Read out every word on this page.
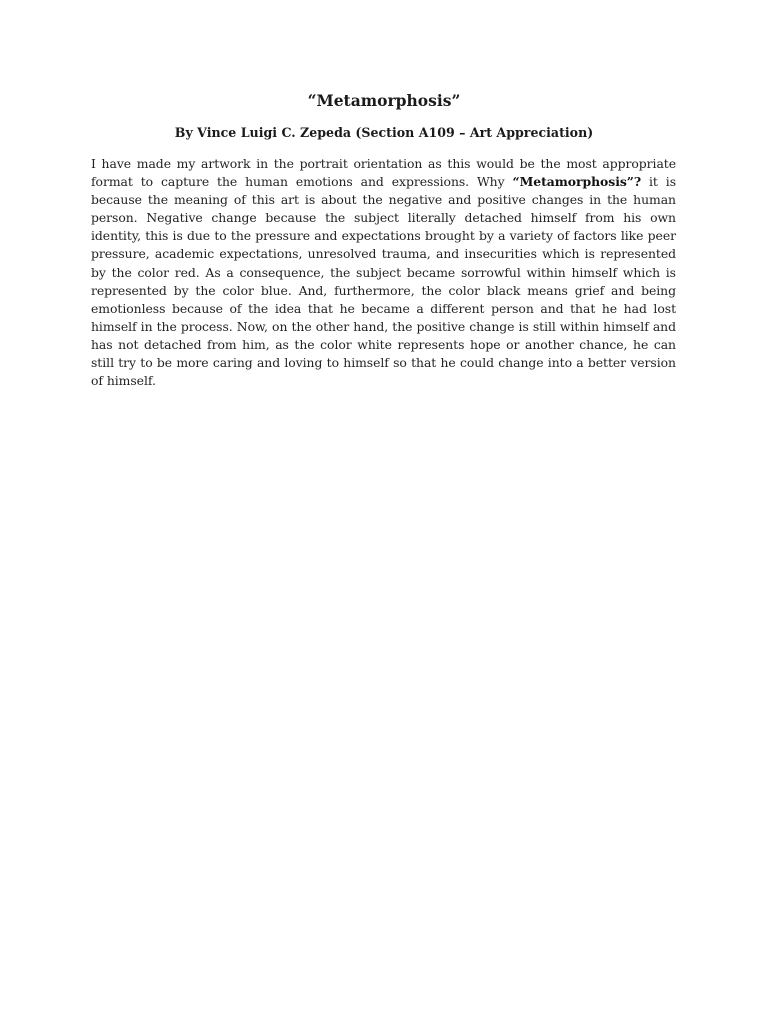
“Metamorphosis”
By Vince Luigi C. Zepeda (Section A109 – Art Appreciation)

I have made my artwork in the portrait orientation as this would be the most appropriate format to capture the human emotions and expressions. Why “Metamorphosis”? it is because the meaning of this art is about the negative and positive changes in the human person. Negative change because the subject literally detached himself from his own identity, this is due to the pressure and expectations brought by a variety of factors like peer pressure, academic expectations, unresolved trauma, and insecurities which is represented by the color red. As a consequence, the subject became sorrowful within himself which is represented by the color blue. And, furthermore, the color black means grief and being emotionless because of the idea that he became a different person and that he had lost himself in the process. Now, on the other hand, the positive change is still within himself and has not detached from him, as the color white represents hope or another chance, he can still try to be more caring and loving to himself so that he could change into a better version of himself.
